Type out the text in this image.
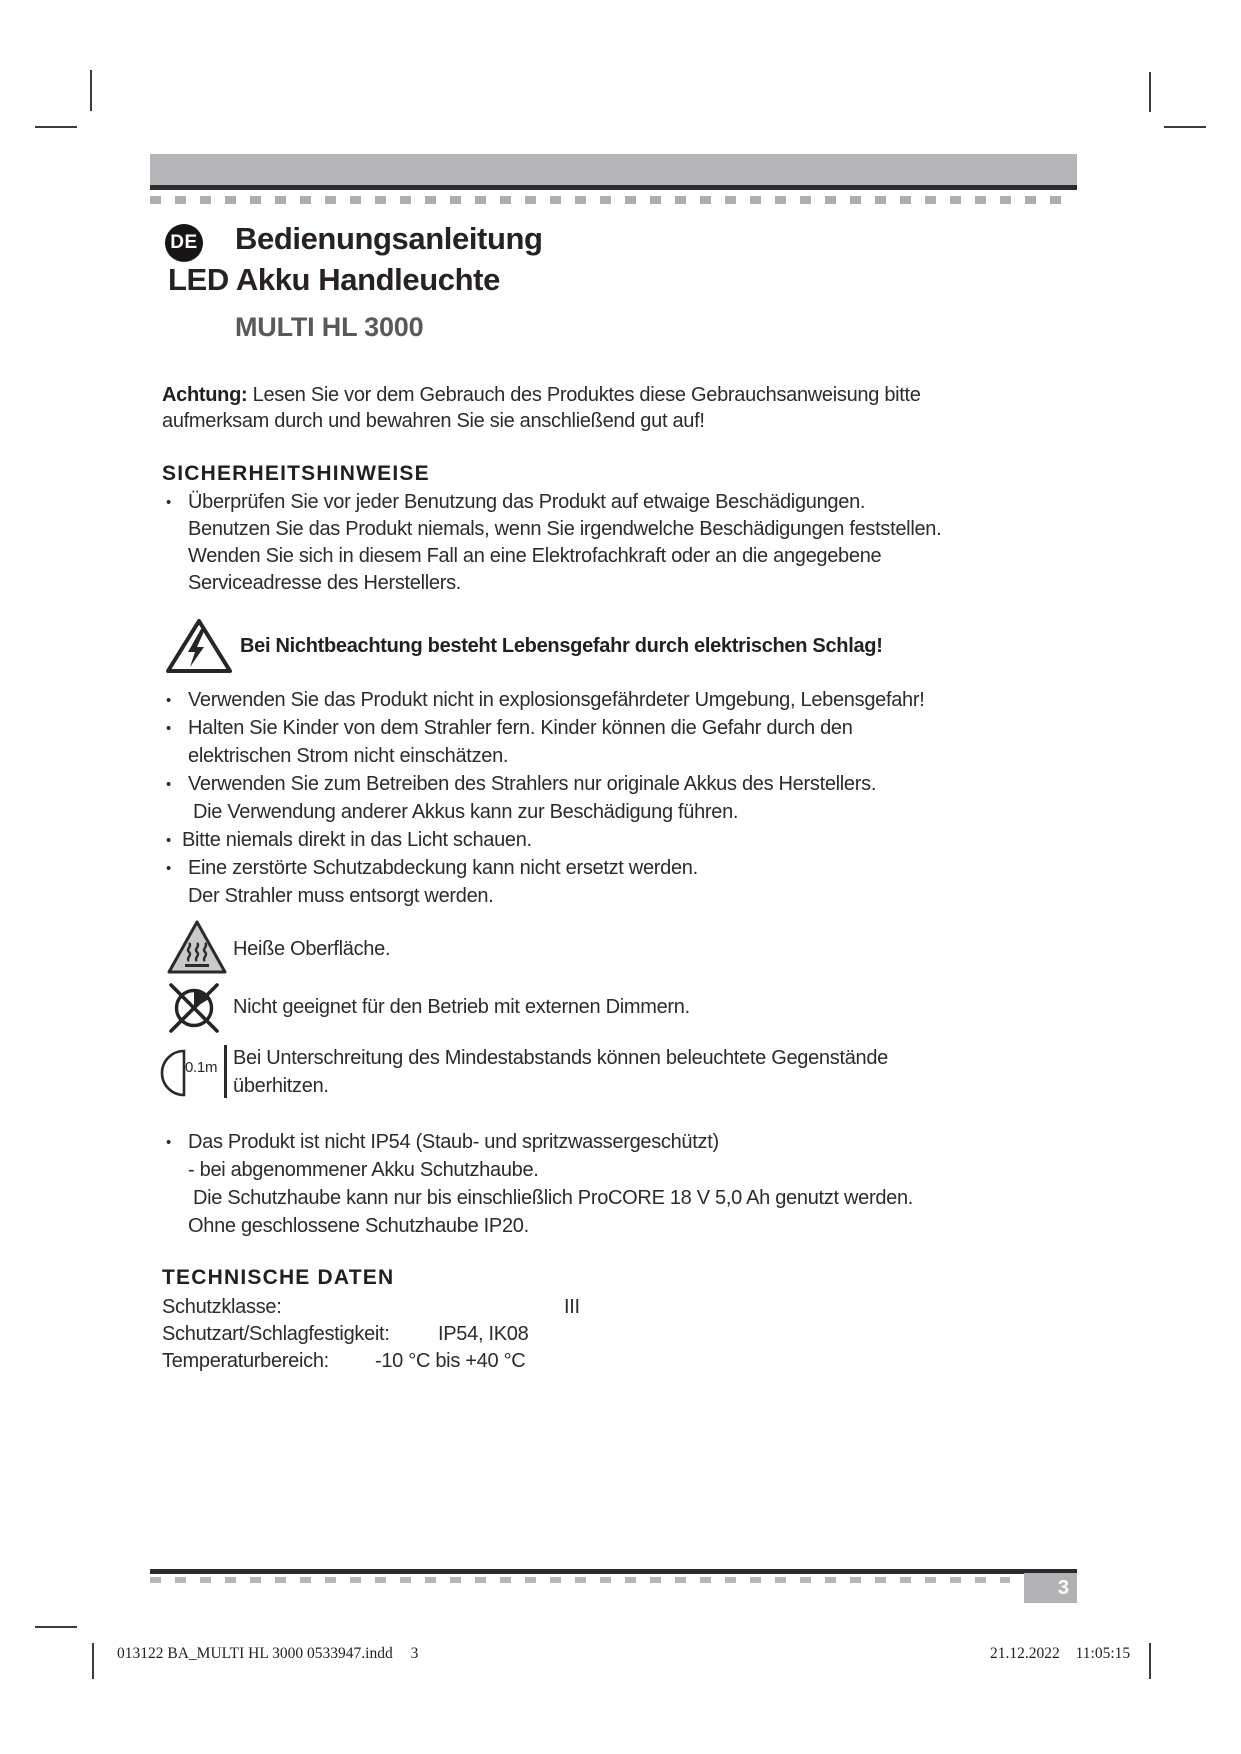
DE Bedienungsanleitung
LED Akku Handleuchte
MULTI HL 3000
Achtung: Lesen Sie vor dem Gebrauch des Produktes diese Gebrauchsanweisung bitte
aufmerksam durch und bewahren Sie sie anschließend gut auf!
SICHERHEITSHINWEISE
• Überprüfen Sie vor jeder Benutzung das Produkt auf etwaige Beschädigungen.
Benutzen Sie das Produkt niemals, wenn Sie irgendwelche Beschädigungen feststellen.
Wenden Sie sich in diesem Fall an eine Elektrofachkraft oder an die angegebene
Serviceadresse des Herstellers.
Bei Nichtbeachtung besteht Lebensgefahr durch elektrischen Schlag!
• Verwenden Sie das Produkt nicht in explosionsgefährdeter Umgebung, Lebensgefahr!
• Halten Sie Kinder von dem Strahler fern. Kinder können die Gefahr durch den
elektrischen Strom nicht einschätzen.
• Verwenden Sie zum Betreiben des Strahlers nur originale Akkus des Herstellers.
Die Verwendung anderer Akkus kann zur Beschädigung führen.
• Bitte niemals direkt in das Licht schauen.
• Eine zerstörte Schutzabdeckung kann nicht ersetzt werden.
Der Strahler muss entsorgt werden.
Heiße Oberfläche.
Nicht geeignet für den Betrieb mit externen Dimmern.
0.1m Bei Unterschreitung des Mindestabstands können beleuchtete Gegenstände
überhitzen.
• Das Produkt ist nicht IP54 (Staub- und spritzwassergeschützt)
- bei abgenommener Akku Schutzhaube.
Die Schutzhaube kann nur bis einschließlich ProCORE 18 V 5,0 Ah genutzt werden.
Ohne geschlossene Schutzhaube IP20.
TECHNISCHE DATEN
Schutzklasse:	III
Schutzart/Schlagfestigkeit: IP54, IK08
Temperaturbereich: -10 °C bis +40 °C
3
013122 BA_MULTI HL 3000 0533947.indd 3	21.12.2022 11:05:15
